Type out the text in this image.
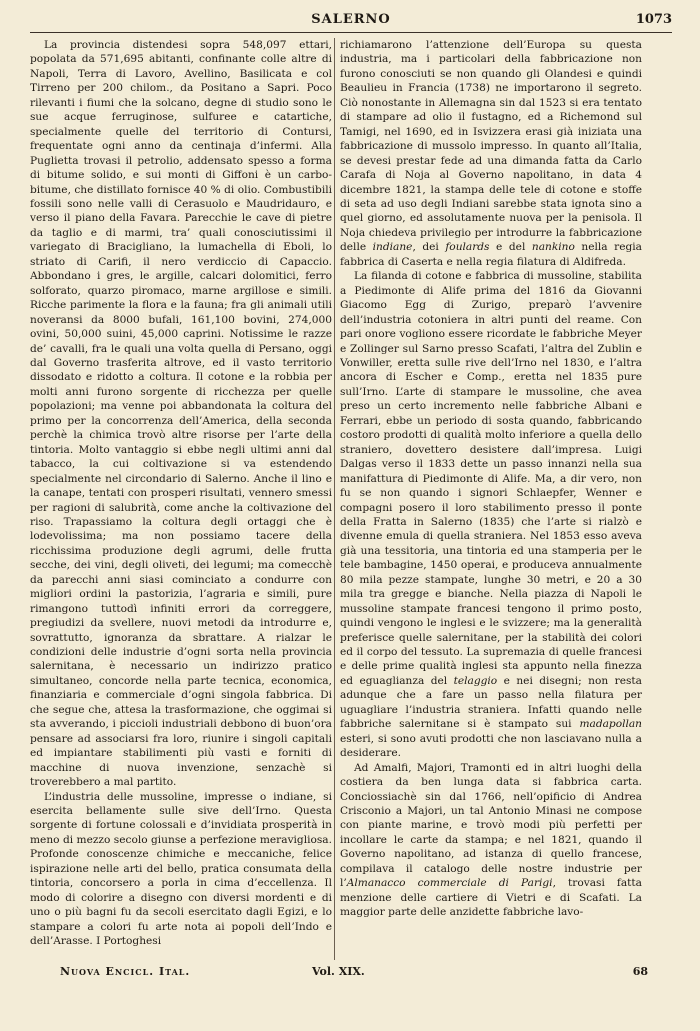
SALERNO	1073

La provincia distendesi sopra 548,097 ettari, popolata da 571,695 abitanti, confinante colle altre di Napoli, Terra di Lavoro, Avellino, Basilicata e col Tirreno per 200 chilom., da Positano a Sapri. Poco rilevanti i fiumi che la solcano, degne di studio sono le sue acque ferruginose, sulfuree e catartiche, specialmente quelle del territorio di Contursi, frequentate ogni anno da centinaja d’infermi. Alla Puglietta trovasi il petrolio, addensato spesso a forma di bitume solido, e sui monti di Giffoni è un carbo-bitume, che distillato fornisce 40 % di olio. Combustibili fossili sono nelle valli di Cerasuolo e Maudridauro, e verso il piano della Favara. Parecchie le cave di pietre da taglio e di marmi, tra’ quali conosciutissimi il variegato di Bracigliano, la lumachella di Eboli, lo striato di Carifi, il nero verdiccio di Capaccio. Abbondano i gres, le argille, calcari dolomitici, ferro solforato, quarzo piromaco, marne argillose e simili. Ricche parimente la flora e la fauna; fra gli animali utili noveransi da 8000 bufali, 161,100 bovini, 274,000 ovini, 50,000 suini, 45,000 caprini. Notissime le razze de’ cavalli, fra le quali una volta quella di Persano, oggi dal Governo trasferita altrove, ed il vasto territorio dissodato e ridotto a coltura. Il cotone e la robbia per molti anni furono sorgente di ricchezza per quelle popolazioni; ma venne poi abbandonata la coltura del primo per la concorrenza dell’America, della seconda perchè la chimica trovò altre risorse per l’arte della tintoria. Molto vantaggio si ebbe negli ultimi anni dal tabacco, la cui coltivazione si va estendendo specialmente nel circondario di Salerno. Anche il lino e la canape, tentati con prosperi risultati, vennero smessi per ragioni di salubrità, come anche la coltivazione del riso. Trapassiamo la coltura degli ortaggi che è lodevolissima; ma non possiamo tacere della ricchissima produzione degli agrumi, delle frutta secche, dei vini, degli oliveti, dei legumi; ma comecchè da parecchi anni siasi cominciato a condurre con migliori ordini la pastorizia, l’agraria e simili, pure rimangono tuttodì infiniti errori da correggere, pregiudizi da svellere, nuovi metodi da introdurre e, sovrattutto, ignoranza da sbrattare. A rialzar le condizioni delle industrie d’ogni sorta nella provincia salernitana, è necessario un indirizzo pratico simultaneo, concorde nella parte tecnica, economica, finanziaria e commerciale d’ogni singola fabbrica. Di che segue che, attesa la trasformazione, che oggimai si sta avverando, i piccioli industriali debbono di buon’ora pensare ad associarsi fra loro, riunire i singoli capitali ed impiantare stabilimenti più vasti e forniti di macchine di nuova invenzione, senzachè si troverebbero a mal partito.

L’industria delle mussoline, impresse o indiane, si esercita bellamente sulle sive dell’Irno. Questa sorgente di fortune colossali e d’invidiata prosperità in meno di mezzo secolo giunse a perfezione meravigliosa. Profonde conoscenze chimiche e meccaniche, felice ispirazione nelle arti del bello, pratica consumata della tintoria, concorsero a porla in cima d’eccellenza. Il modo di colorire a disegno con diversi mordenti e di uno o più bagni fu da secoli esercitato dagli Egizi, e lo stampare a colori fu arte nota ai popoli dell’Indo e dell’Arasse. I Portoghesi

richiamarono l’attenzione dell’Europa su questa industria, ma i particolari della fabbricazione non furono conosciuti se non quando gli Olandesi e quindi Beaulieu in Francia (1738) ne importarono il segreto. Ciò nonostante in Allemagna sin dal 1523 si era tentato di stampare ad olio il fustagno, ed a Richemond sul Tamigi, nel 1690, ed in Isvizzera erasi già iniziata una fabbricazione di mussolo impresso. In quanto all’Italia, se devesi prestar fede ad una dimanda fatta da Carlo Carafa di Noja al Governo napolitano, in data 4 dicembre 1821, la stampa delle tele di cotone e stoffe di seta ad uso degli Indiani sarebbe stata ignota sino a quel giorno, ed assolutamente nuova per la penisola. Il Noja chiedeva privilegio per introdurre la fabbricazione delle indiane, dei foulards e del nankino nella regia fabbrica di Caserta e nella regia filatura di Aldifreda.

La filanda di cotone e fabbrica di mussoline, stabilita a Piedimonte di Alife prima del 1816 da Giovanni Giacomo Egg di Zurigo, preparò l’avvenire dell’industria cotoniera in altri punti del reame. Con pari onore vogliono essere ricordate le fabbriche Meyer e Zollinger sul Sarno presso Scafati, l’altra del Zublin e Vonwiller, eretta sulle rive dell’Irno nel 1830, e l’altra ancora di Escher e Comp., eretta nel 1835 pure sull’Irno. L’arte di stampare le mussoline, che avea preso un certo incremento nelle fabbriche Albani e Ferrari, ebbe un periodo di sosta quando, fabbricando costoro prodotti di qualità molto inferiore a quella dello straniero, dovettero desistere dall’impresa. Luigi Dalgas verso il 1833 dette un passo innanzi nella sua manifattura di Piedimonte di Alife. Ma, a dir vero, non fu se non quando i signori Schlaepfer, Wenner e compagni posero il loro stabilimento presso il ponte della Fratta in Salerno (1835) che l’arte si rialzò e divenne emula di quella straniera. Nel 1853 esso aveva già una tessitoria, una tintoria ed una stamperia per le tele bambagine, 1450 operai, e produceva annualmente 80 mila pezze stampate, lunghe 30 metri, e 20 a 30 mila tra gregge e bianche. Nella piazza di Napoli le mussoline stampate francesi tengono il primo posto, quindi vengono le inglesi e le svizzere; ma la generalità preferisce quelle salernitane, per la stabilità dei colori ed il corpo del tessuto. La supremazia di quelle francesi e delle prime qualità inglesi sta appunto nella finezza ed eguaglianza del telaggio e nei disegni; non resta adunque che a fare un passo nella filatura per uguagliare l’industria straniera. Infatti quando nelle fabbriche salernitane si è stampato sui madapollan esteri, si sono avuti prodotti che non lasciavano nulla a desiderare.

Ad Amalfi, Majori, Tramonti ed in altri luoghi della costiera da ben lunga data si fabbrica carta. Conciossiachè sin dal 1766, nell’opificio di Andrea Crisconio a Majori, un tal Antonio Minasi ne compose con piante marine, e trovò modi più perfetti per incollare le carte da stampa; e nel 1821, quando il Governo napolitano, ad istanza di quello francese, compilava il catalogo delle nostre industrie per l’Almanacco commerciale di Parigi, trovasi fatta menzione delle cartiere di Vietri e di Scafati. La maggior parte delle anzidette fabbriche lavo-

Nuova Encicl. Ital.	Vol. XIX.	68
